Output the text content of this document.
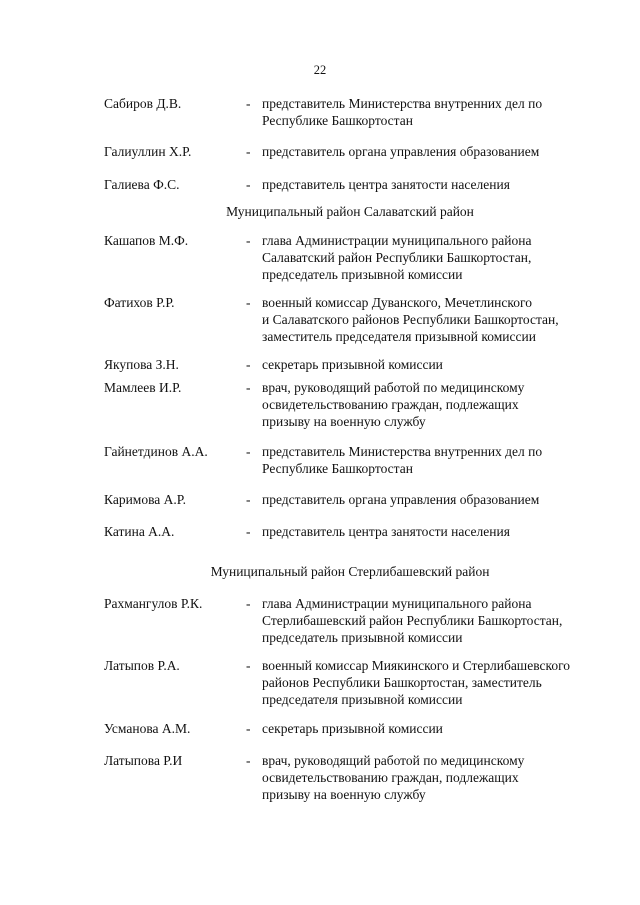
22
Сабиров Д.В.	- представитель Министерства внутренних дел по
Республике Башкортостан
Галиуллин Х.Р.	- представитель органа управления образованием
Галиева Ф.С.	- представитель центра занятости населения
Муниципальный район Салаватский район
Кашапов М.Ф.	- глава Администрации муниципального района
Салаватский район Республики Башкортостан,
председатель призывной комиссии
Фатихов Р.Р.	- военный комиссар Дуванского, Мечетлинского
и Салаватского районов Республики Башкортостан,
заместитель председателя призывной комиссии
Якупова З.Н.	- секретарь призывной комиссии
Мамлеев И.Р.	- врач, руководящий работой по медицинскому
освидетельствованию граждан, подлежащих
призыву на военную службу
Гайнетдинов А.А.	- представитель Министерства внутренних дел по
Республике Башкортостан
Каримова А.Р.	- представитель органа управления образованием
Катина А.А.	- представитель центра занятости населения
Муниципальный район Стерлибашевский район
Рахмангулов Р.К.	- глава Администрации муниципального района
Стерлибашевский район Республики Башкортостан,
председатель призывной комиссии
Латыпов Р.А.	- военный комиссар Миякинского и Стерлибашевского
районов Республики Башкортостан, заместитель
председателя призывной комиссии
Усманова А.М.	- секретарь призывной комиссии
Латыпова Р.И	- врач, руководящий работой по медицинскому
освидетельствованию граждан, подлежащих
призыву на военную службу
